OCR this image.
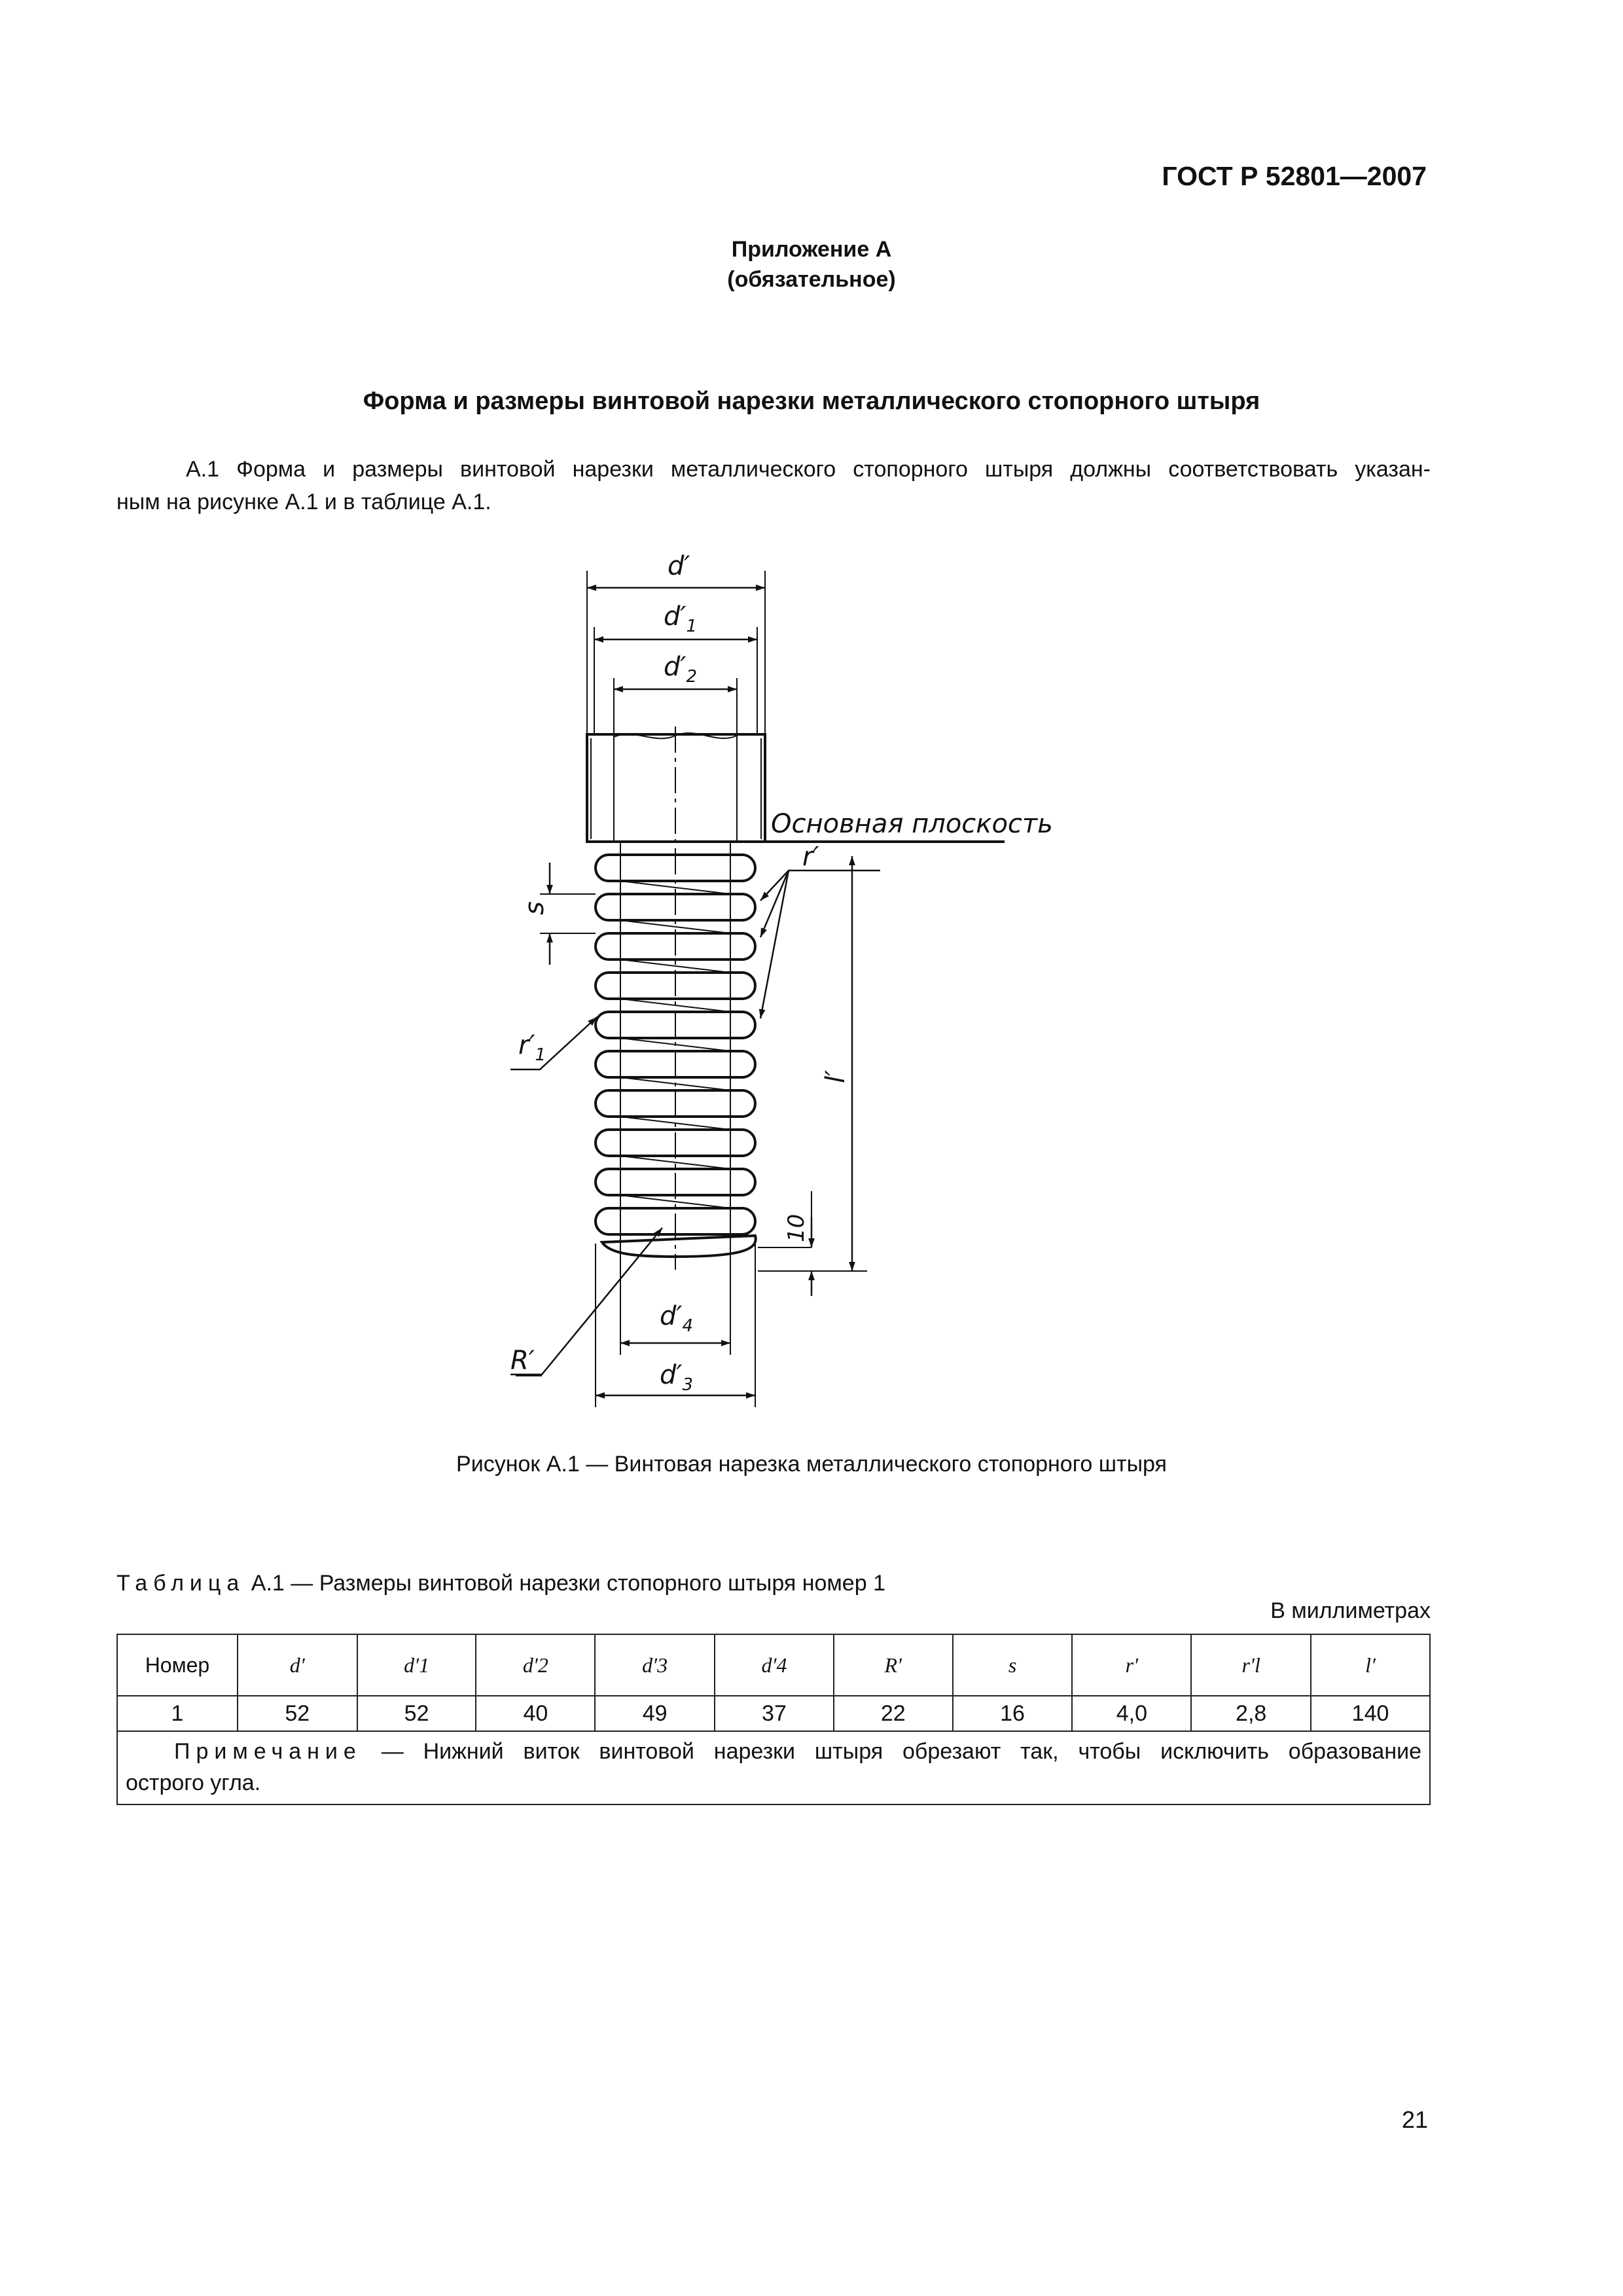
ГОСТ Р 52801—2007
Приложение А
(обязательное)
Форма и размеры винтовой нарезки металлического стопорного штыря
А.1 Форма и размеры винтовой нарезки металлического стопорного штыря должны соответствовать указан-
ным на рисунке А.1 и в таблице А.1.
d′
$d'_1$
$d'_2$
Основная плоскость
r′
s
l′
$r'_1$
10
$d'_4$
$d'_3$
R′
Рисунок А.1 — Винтовая нарезка металлического стопорного штыря
Таблица А.1 — Размеры винтовой нарезки стопорного штыря номер 1
В миллиметрах
Номер	d′	d′1	d′2	d′3	d′4	R′	s	r′	r′l	l′
1	52	52	40	49	37	22	16	4,0	2,8	140

Примечание — Нижний виток винтовой нарезки штыря обрезают так, чтобы исключить образование
острого угла.										
21
